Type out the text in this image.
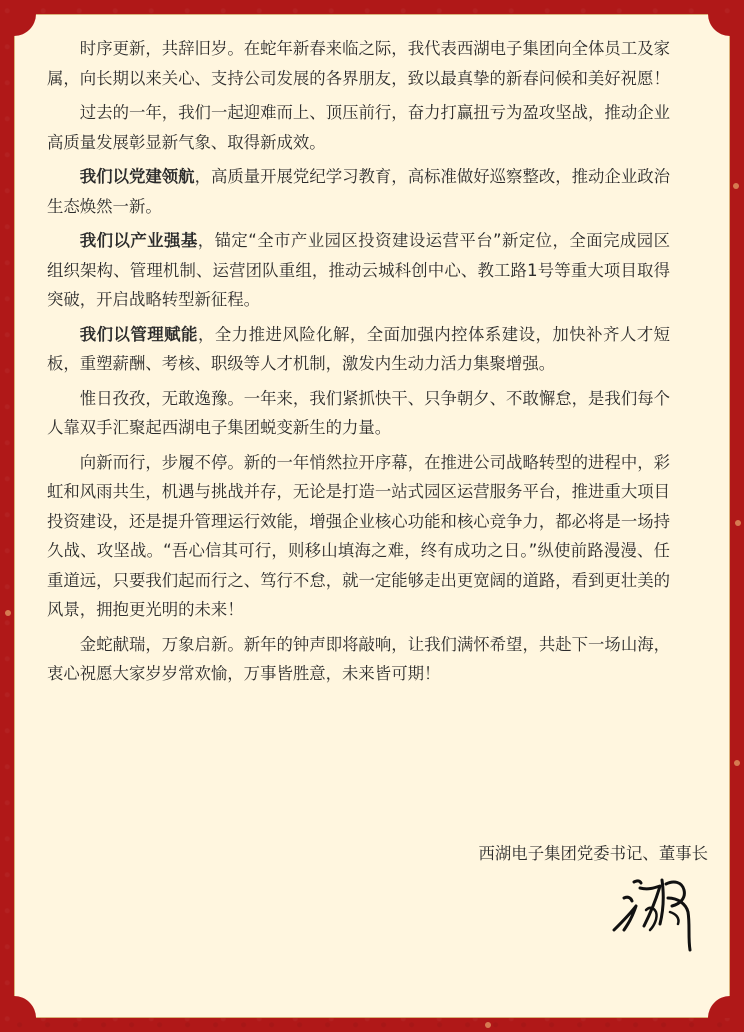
时序更新，共辞旧岁。在蛇年新春来临之际，我代表西湖电子集团向全体员工及家属，向长期以来关心、支持公司发展的各界朋友，致以最真挚的新春问候和美好祝愿！

过去的一年，我们一起迎难而上、顶压前行，奋力打赢扭亏为盈攻坚战，推动企业高质量发展彰显新气象、取得新成效。

我们以党建领航，高质量开展党纪学习教育，高标准做好巡察整改，推动企业政治生态焕然一新。

我们以产业强基，锚定“全市产业园区投资建设运营平台”新定位，全面完成园区组织架构、管理机制、运营团队重组，推动云城科创中心、教工路1号等重大项目取得突破，开启战略转型新征程。

我们以管理赋能，全力推进风险化解，全面加强内控体系建设，加快补齐人才短板，重塑薪酬、考核、职级等人才机制，激发内生动力活力集聚增强。

惟日孜孜，无敢逸豫。一年来，我们紧抓快干、只争朝夕、不敢懈怠，是我们每个人靠双手汇聚起西湖电子集团蜕变新生的力量。

向新而行，步履不停。新的一年悄然拉开序幕，在推进公司战略转型的进程中，彩虹和风雨共生，机遇与挑战并存，无论是打造一站式园区运营服务平台，推进重大项目投资建设，还是提升管理运行效能，增强企业核心功能和核心竞争力，都必将是一场持久战、攻坚战。“吾心信其可行，则移山填海之难，终有成功之日。”纵使前路漫漫、任重道远，只要我们起而行之、笃行不怠，就一定能够走出更宽阔的道路，看到更壮美的风景，拥抱更光明的未来！

金蛇献瑞，万象启新。新年的钟声即将敲响，让我们满怀希望，共赴下一场山海，衷心祝愿大家岁岁常欢愉，万事皆胜意，未来皆可期！

西湖电子集团党委书记、董事长
